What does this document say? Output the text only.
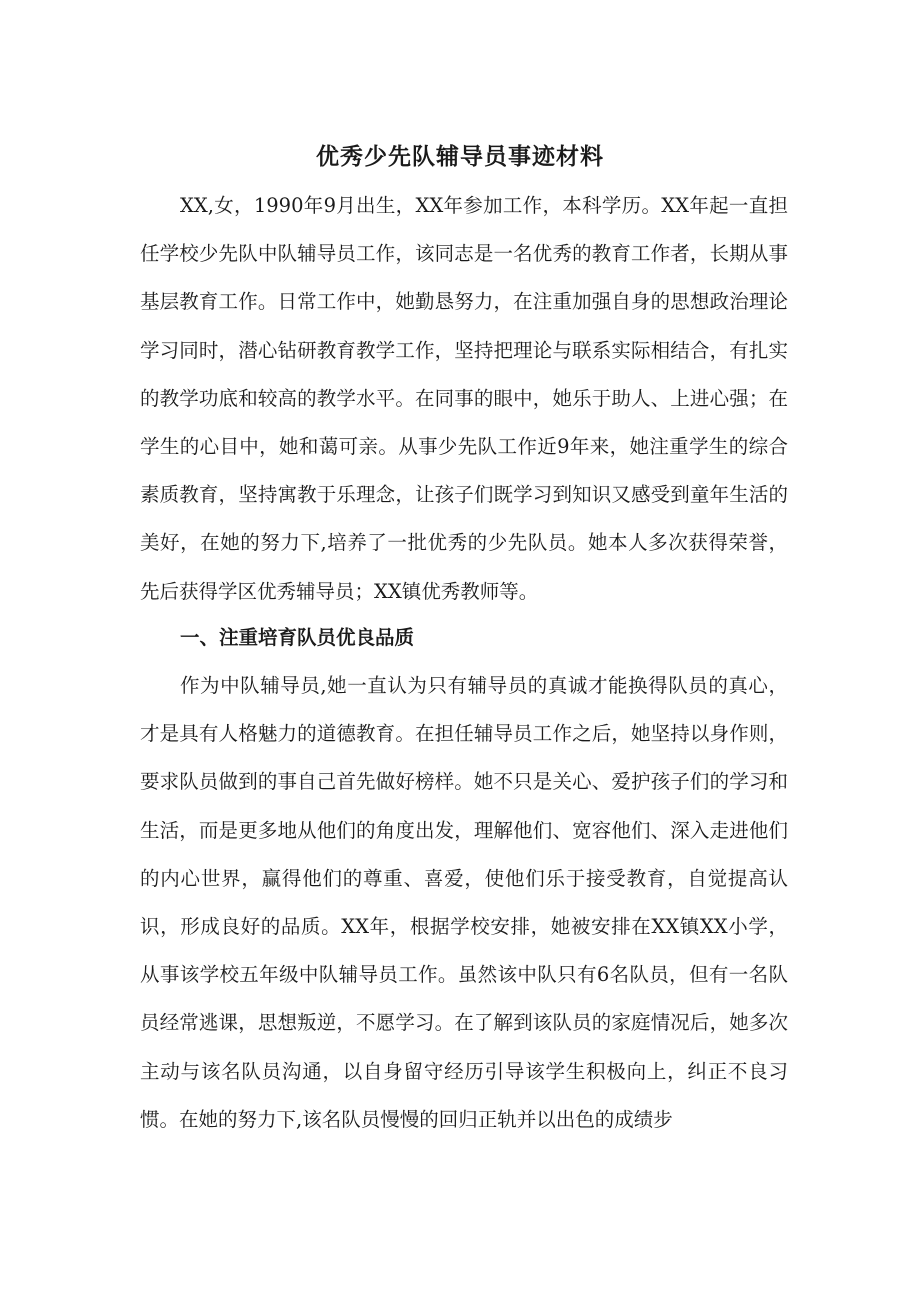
优秀少先队辅导员事迹材料

XX,女，1990年9月出生，XX年参加工作，本科学历。XX年起一直担任学校少先队中队辅导员工作，该同志是一名优秀的教育工作者，长期从事基层教育工作。日常工作中，她勤恳努力，在注重加强自身的思想政治理论学习同时，潜心钻研教育教学工作，坚持把理论与联系实际相结合，有扎实的教学功底和较高的教学水平。在同事的眼中，她乐于助人、上进心强；在学生的心目中，她和蔼可亲。从事少先队工作近9年来，她注重学生的综合素质教育，坚持寓教于乐理念，让孩子们既学习到知识又感受到童年生活的美好，在她的努力下,培养了一批优秀的少先队员。她本人多次获得荣誉，先后获得学区优秀辅导员；XX镇优秀教师等。

一、注重培育队员优良品质

作为中队辅导员,她一直认为只有辅导员的真诚才能换得队员的真心，才是具有人格魅力的道德教育。在担任辅导员工作之后，她坚持以身作则，要求队员做到的事自己首先做好榜样。她不只是关心、爱护孩子们的学习和生活，而是更多地从他们的角度出发，理解他们、宽容他们、深入走进他们的内心世界，赢得他们的尊重、喜爱，使他们乐于接受教育，自觉提高认识，形成良好的品质。XX年，根据学校安排，她被安排在XX镇XX小学，从事该学校五年级中队辅导员工作。虽然该中队只有6名队员，但有一名队员经常逃课，思想叛逆，不愿学习。在了解到该队员的家庭情况后，她多次主动与该名队员沟通，以自身留守经历引导该学生积极向上，纠正不良习惯。在她的努力下,该名队员慢慢的回归正轨并以出色的成绩步
